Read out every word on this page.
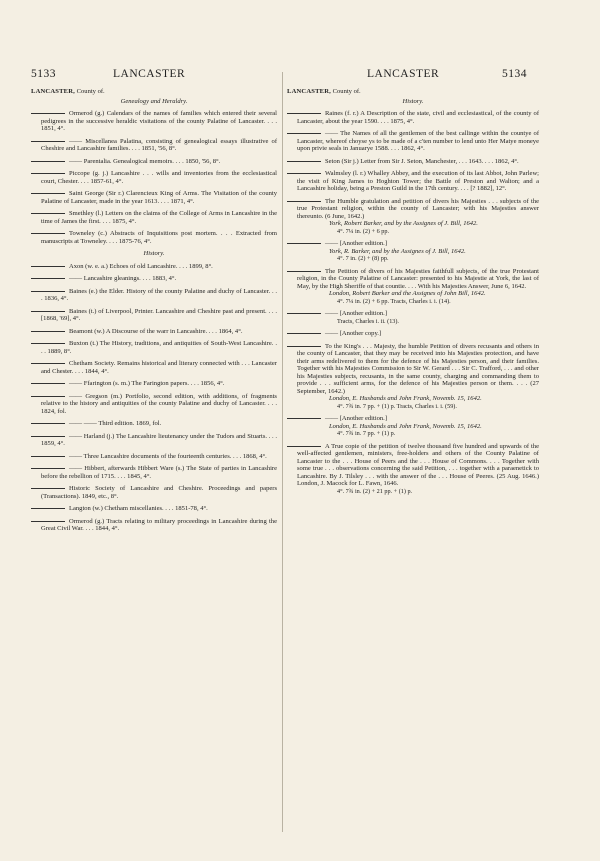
5133	LANCASTER	LANCASTER	5134
LANCASTER, County of.
Genealogy and Heraldry.
Ormerod (g.) Calendars of the names of families which entered their several pedigrees in the successive heraldic visitations of the county Palatine of Lancaster. . . . 1851, 4°.
—— Miscellanea Palatina, consisting of genealogical essays illustrative of Cheshire and Lancashire families. . . . 1851, '56, 8°.
—— Parentalia. Genealogical memoirs. . . . 1850, '56, 8°.
Piccope (g. j.) Lancashire . . . wills and inventories from the ecclesiastical court, Chester. . . . 1857-61, 4°.
Saint George (Sir r.) Clarencieux King of Arms. The Visitation of the county Palatine of Lancaster, made in the year 1613. . . . 1871, 4°.
Smethley (l.) Letters on the claims of the College of Arms in Lancashire in the time of James the first. . . . 1875, 4°.
Towneley (c.) Abstracts of Inquisitions post mortem. . . . Extracted from manuscripts at Towneley. . . . 1875-76, 4°.
History.
Axon (w. e. a.) Echoes of old Lancashire. . . . 1899, 8°.
—— Lancashire gleanings. . . . 1883, 4°.
Baines (e.) the Elder. History of the county Palatine and duchy of Lancaster. . . . 1836, 4°.
Baines (t.) of Liverpool, Printer. Lancashire and Cheshire past and present. . . . [1868, '69], 4°.
Beamont (w.) A Discourse of the warr in Lancashire. . . . 1864, 4°.
Buxton (t.) The History, traditions, and antiquities of South-West Lancashire. . . . 1889, 8°.
Chetham Society. Remains historical and literary connected with . . . Lancaster and Chester. . . . 1844, 4°.
—— Ffarington (s. m.) The Farington papers. . . . 1856, 4°.
—— Gregson (m.) Portfolio, second edition, with additions, of fragments relative to the history and antiquities of the county Palatine and duchy of Lancaster. . . . 1824, fol.
—— —— Third edition. 1869, fol.
—— Harland (j.) The Lancashire lieutenancy under the Tudors and Stuarts. . . . 1859, 4°.
—— Three Lancashire documents of the fourteenth centuries. . . . 1868, 4°.
—— Hibbert, afterwards Hibbert Ware (s.) The State of parties in Lancashire before the rebellion of 1715. . . . 1845, 4°.
Historic Society of Lancashire and Cheshire. Proceedings and papers (Transactions). 1849, etc., 8°.
Langton (w.) Chetham miscellanies. . . . 1851-78, 4°.
Ormerod (g.) Tracts relating to military proceedings in Lancashire during the Great Civil War. . . . 1844, 4°.
LANCASTER, County of.
History.
Raines (f. r.) A Description of the state, civil and ecclesiastical, of the county of Lancaster, about the year 1590. . . . 1875, 4°.
—— The Names of all the gentlemen of the best callinge within the countye of Lancaster, whereof choyse ys to be made of a c'ten number to lend unto Her Matye moneye upon privie seals in Januarye 1588. . . . 1862, 4°.
Seton (Sir j.) Letter from Sir J. Seton, Manchester, . . . 1643. . . . 1862, 4°.
Walmsley (l. r.) Whalley Abbey, and the execution of its last Abbot, John Parlew; the visit of King James to Hoghton Tower; the Battle of Preston and Walton; and a Lancashire holiday, being a Preston Guild in the 17th century. . . . [? 1882], 12°.
The Humble gratulation and petition of divers his Majesties . . . subjects of the true Protestant religion, within the county of Lancaster; with his Majesties answer thereunto. (6 June, 1642.)
York, Robert Barker, and by the Assignes of J. Bill, 1642.
4°. 7¼ in. (2) + 6 pp.
—— [Another edition.]
York, R. Barker, and by the Assignes of J. Bill, 1642.
4°. 7 in. (2) + (8) pp.
The Petition of divers of his Majesties faithfull subjects, of the true Protestant religion, in the County Palatine of Lancaster: presented to his Majestie at York, the last of May, by the High Sheriffe of that countie. . . . With his Majesties Answer, June 6, 1642.
London, Robert Barker and the Assignes of John Bill, 1642.
4°. 7¼ in. (2) + 6 pp. Tracts, Charles i. i. (14).
—— [Another edition.]
Tracts, Charles i. ii. (13).
—— [Another copy.]
To the King's . . . Majesty, the humble Petition of divers recusants and others in the county of Lancaster, that they may be received into his Majesties protection, and have their arms redelivered to them for the defence of his Majesties person, and their families. Together with his Majesties Commission to Sir W. Gerard . . . Sir C. Trafford, . . . and other his Majesties subjects, recusants, in the same county, charging and commanding them to provide . . . sufficient arms, for the defence of his Majesties person or them. . . . (27 September, 1642.)
London, E. Husbands and John Frank, Novemb. 15, 1642.
4°. 7¾ in. 7 pp. + (1) p. Tracts, Charles i. i. (59).
—— [Another edition.]
London, E. Husbands and John Frank, Novemb. 15, 1642.
4°. 7¾ in. 7 pp. + (1) p.
A True copie of the petition of twelve thousand five hundred and upwards of the well-affected gentlemen, ministers, free-holders and others of the County Palatine of Lancaster to the . . . House of Peers and the . . . House of Commons. . . . Together with some true . . . observations concerning the said Petition, . . . together with a paraenetick to Lancashire. By J. Tilsley . . . with the answer of the . . . House of Peeres. (25 Aug. 1646.) London, J. Macock for L. Fawn, 1646.
4°. 7¾ in. (2) + 21 pp. + (1) p.
